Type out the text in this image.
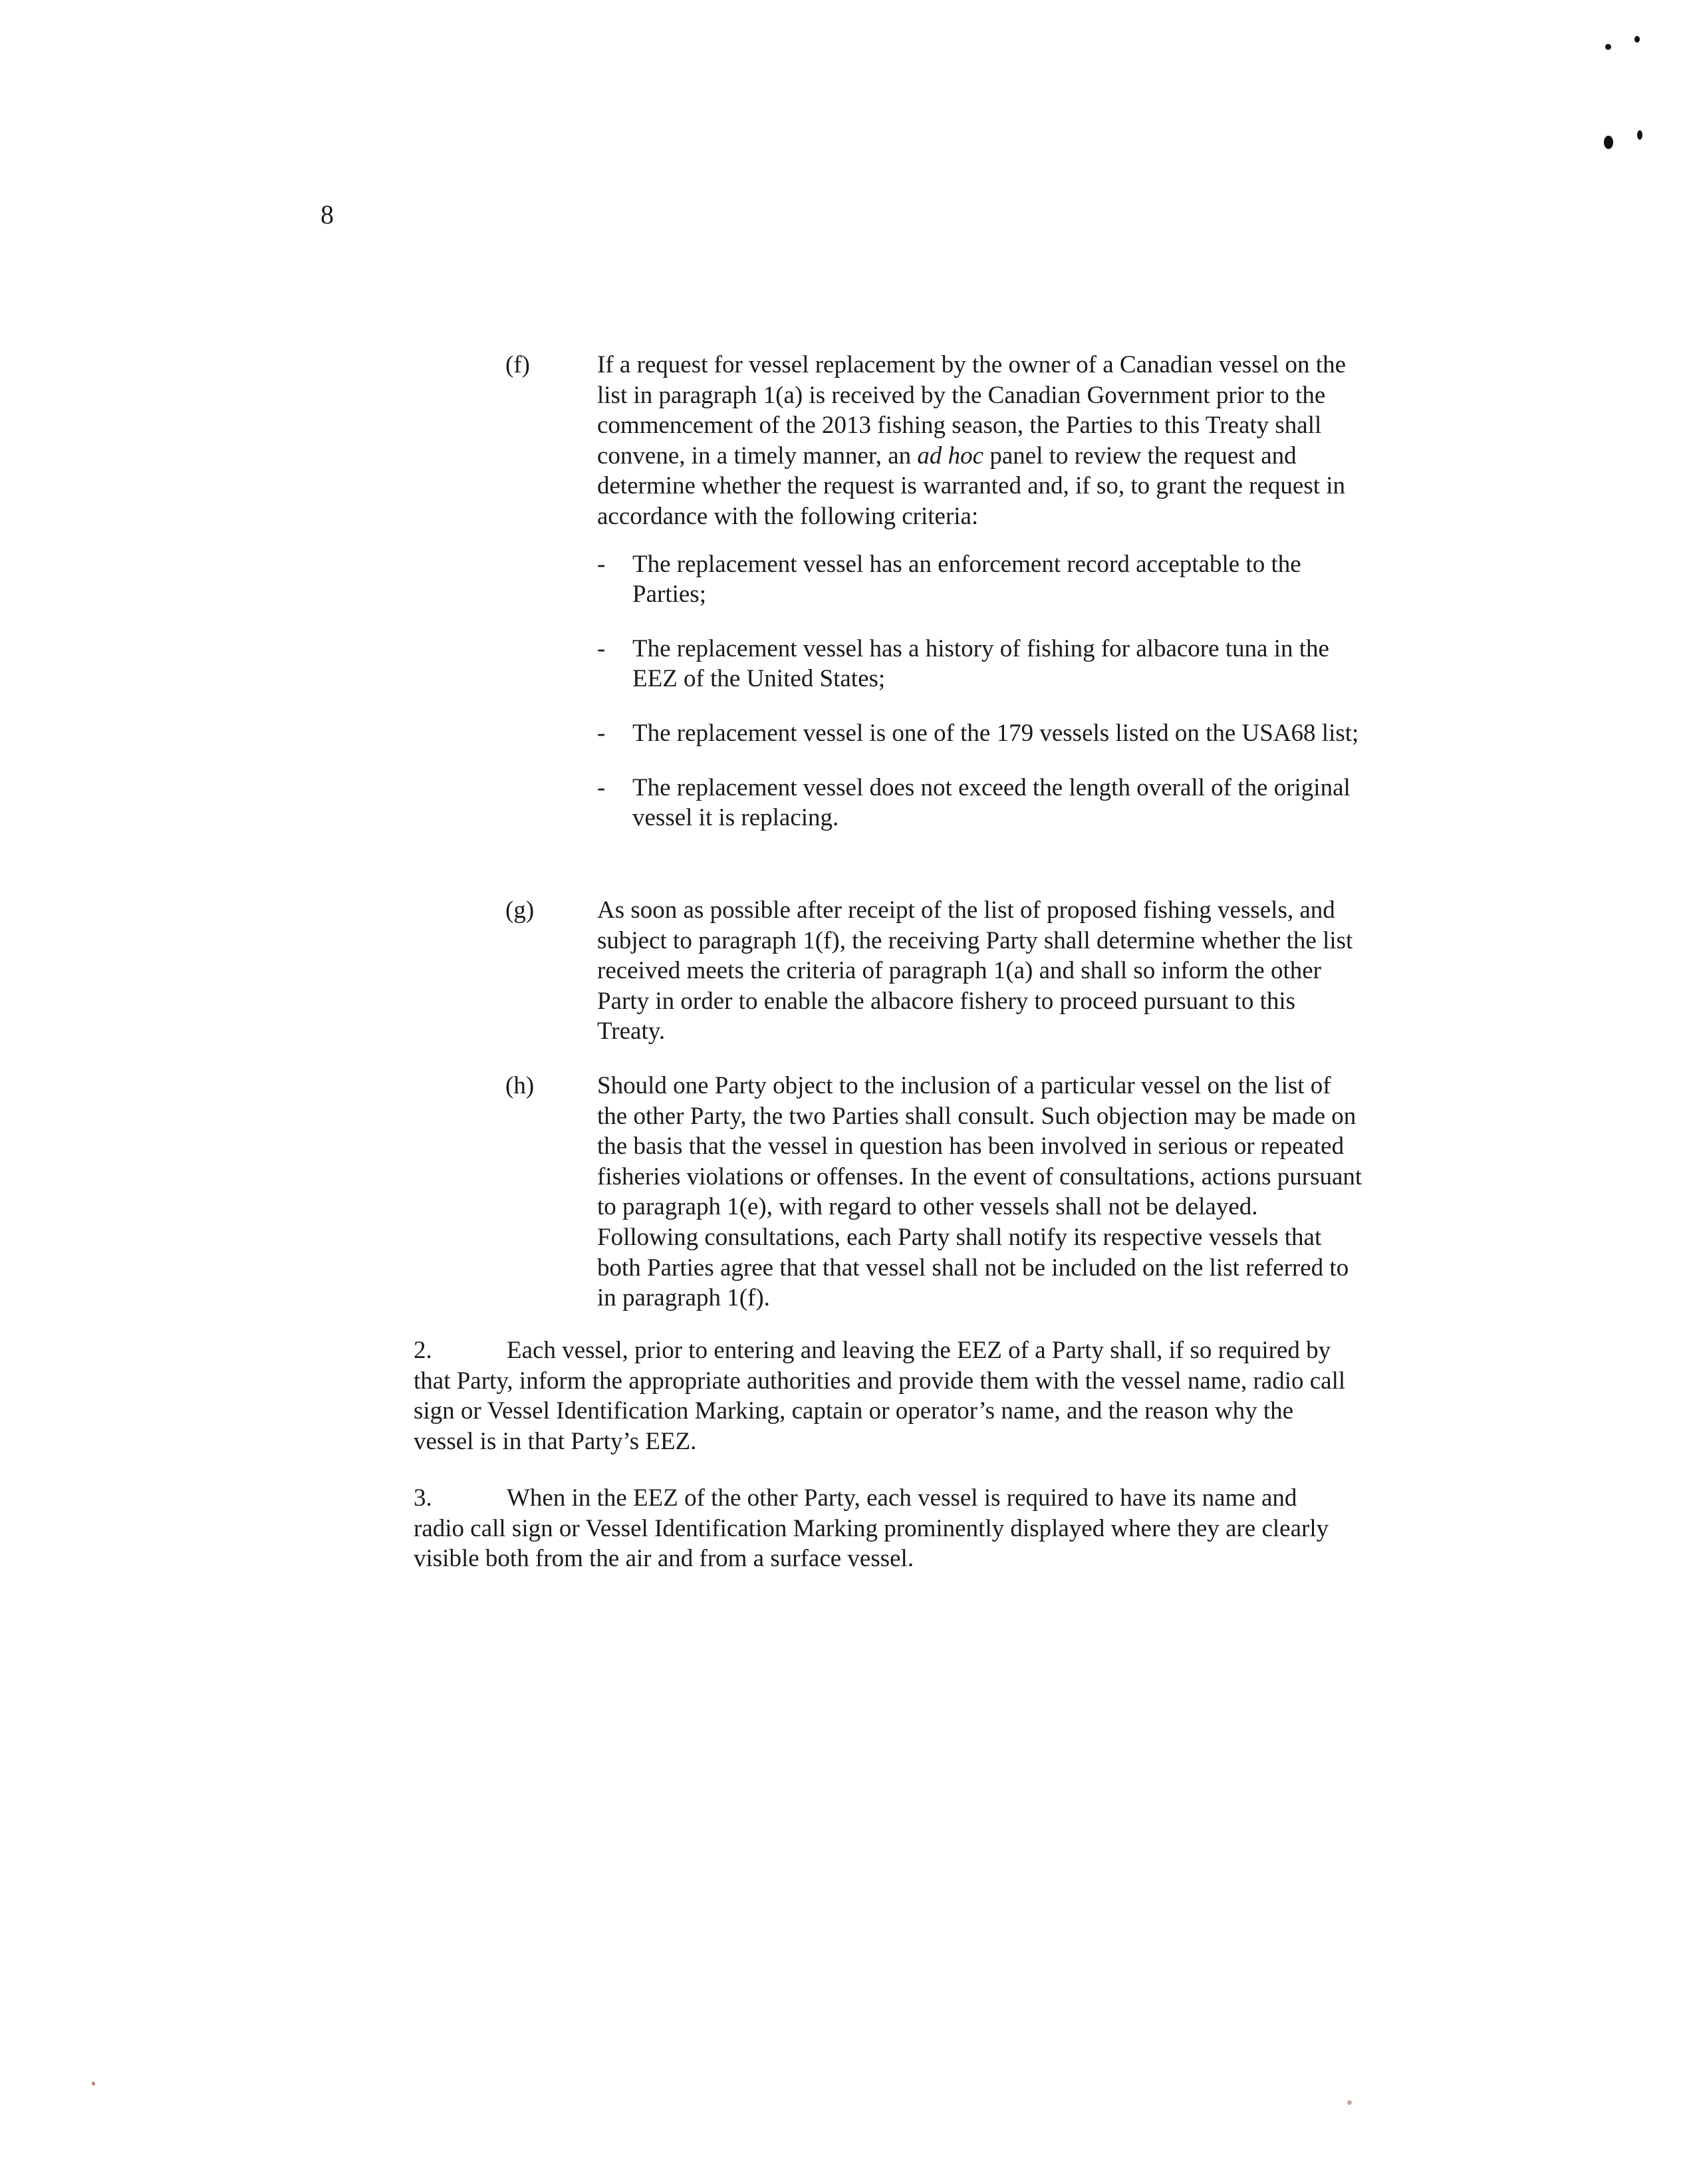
8
(f)	If a request for vessel replacement by the owner of a Canadian vessel on the list in paragraph 1(a) is received by the Canadian Government prior to the commencement of the 2013 fishing season, the Parties to this Treaty shall convene, in a timely manner, an ad hoc panel to review the request and determine whether the request is warranted and, if so, to grant the request in accordance with the following criteria:

- The replacement vessel has an enforcement record acceptable to the Parties;
- The replacement vessel has a history of fishing for albacore tuna in the EEZ of the United States;
- The replacement vessel is one of the 179 vessels listed on the USA68 list;
- The replacement vessel does not exceed the length overall of the original vessel it is replacing.
(g)	As soon as possible after receipt of the list of proposed fishing vessels, and subject to paragraph 1(f), the receiving Party shall determine whether the list received meets the criteria of paragraph 1(a) and shall so inform the other Party in order to enable the albacore fishery to proceed pursuant to this Treaty.

(h)	Should one Party object to the inclusion of a particular vessel on the list of the other Party, the two Parties shall consult. Such objection may be made on the basis that the vessel in question has been involved in serious or repeated fisheries violations or offenses. In the event of consultations, actions pursuant to paragraph 1(e), with regard to other vessels shall not be delayed. Following consultations, each Party shall notify its respective vessels that both Parties agree that that vessel shall not be included on the list referred to in paragraph 1(f).

2.	Each vessel, prior to entering and leaving the EEZ of a Party shall, if so required by that Party, inform the appropriate authorities and provide them with the vessel name, radio call sign or Vessel Identification Marking, captain or operator’s name, and the reason why the vessel is in that Party’s EEZ.
3.	When in the EEZ of the other Party, each vessel is required to have its name and radio call sign or Vessel Identification Marking prominently displayed where they are clearly visible both from the air and from a surface vessel.
